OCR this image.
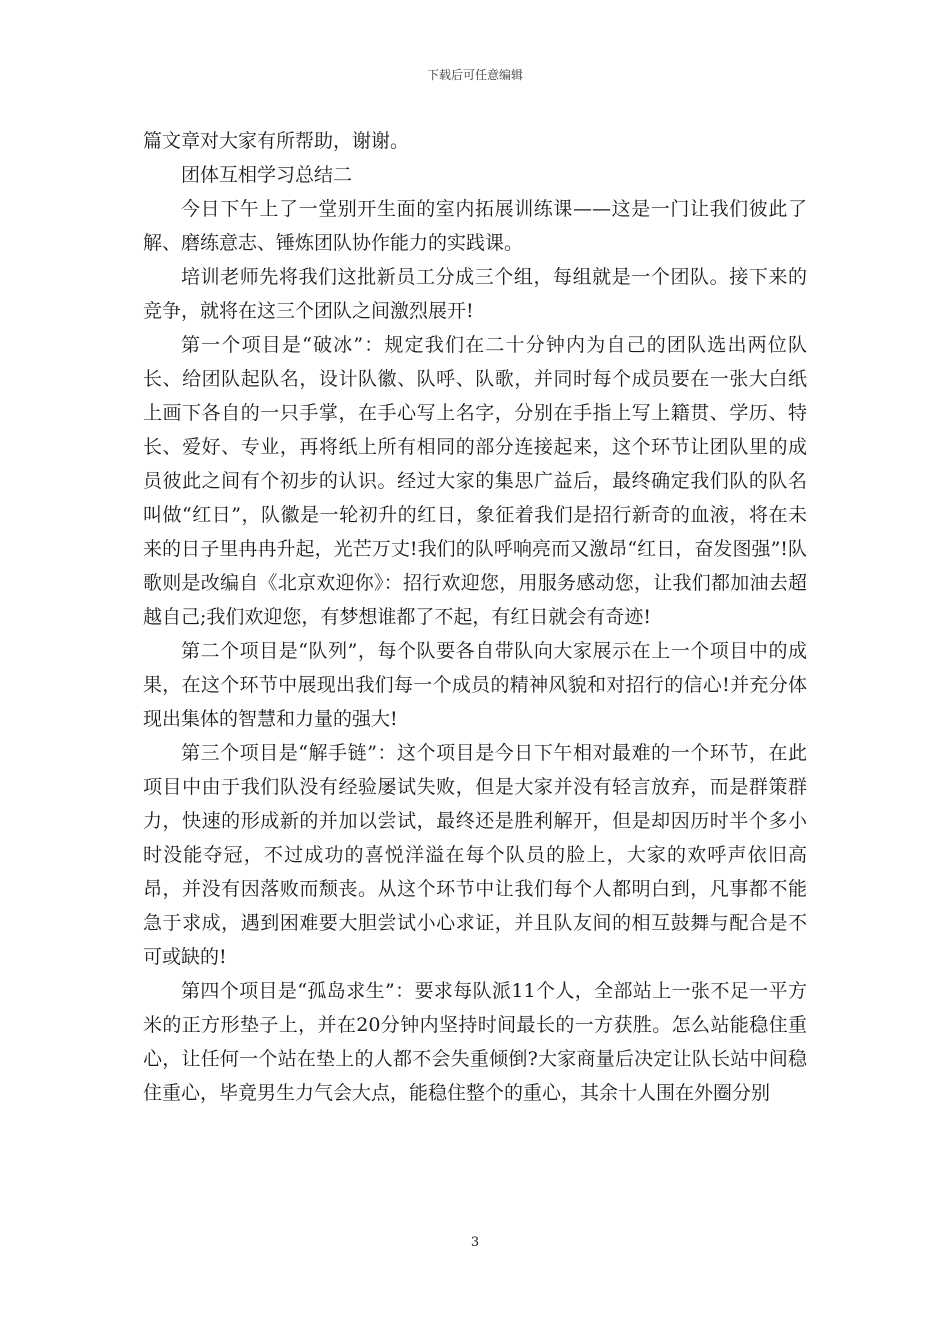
下载后可任意编辑

篇文章对大家有所帮助，谢谢。

团体互相学习总结二

今日下午上了一堂别开生面的室内拓展训练课——这是一门让我们彼此了解、磨练意志、锤炼团队协作能力的实践课。

培训老师先将我们这批新员工分成三个组，每组就是一个团队。接下来的竞争，就将在这三个团队之间激烈展开!

第一个项目是“破冰”：规定我们在二十分钟内为自己的团队选出两位队长、给团队起队名，设计队徽、队呼、队歌，并同时每个成员要在一张大白纸上画下各自的一只手掌，在手心写上名字，分别在手指上写上籍贯、学历、特长、爱好、专业，再将纸上所有相同的部分连接起来，这个环节让团队里的成员彼此之间有个初步的认识。经过大家的集思广益后，最终确定我们队的队名叫做“红日”，队徽是一轮初升的红日，象征着我们是招行新奇的血液，将在未来的日子里冉冉升起，光芒万丈!我们的队呼响亮而又激昂“红日，奋发图强”!队歌则是改编自《北京欢迎你》：招行欢迎您，用服务感动您，让我们都加油去超越自己;我们欢迎您，有梦想谁都了不起，有红日就会有奇迹!

第二个项目是“队列”，每个队要各自带队向大家展示在上一个项目中的成果，在这个环节中展现出我们每一个成员的精神风貌和对招行的信心!并充分体现出集体的智慧和力量的强大!

第三个项目是“解手链”：这个项目是今日下午相对最难的一个环节，在此项目中由于我们队没有经验屡试失败，但是大家并没有轻言放弃，而是群策群力，快速的形成新的并加以尝试，最终还是胜利解开，但是却因历时半个多小时没能夺冠，不过成功的喜悦洋溢在每个队员的脸上，大家的欢呼声依旧高昂，并没有因落败而颓丧。从这个环节中让我们每个人都明白到，凡事都不能急于求成，遇到困难要大胆尝试小心求证，并且队友间的相互鼓舞与配合是不可或缺的!

第四个项目是“孤岛求生”：要求每队派11个人，全部站上一张不足一平方米的正方形垫子上，并在20分钟内坚持时间最长的一方获胜。怎么站能稳住重心，让任何一个站在垫上的人都不会失重倾倒?大家商量后决定让队长站中间稳住重心，毕竟男生力气会大点，能稳住整个的重心，其余十人围在外圈分别

3
